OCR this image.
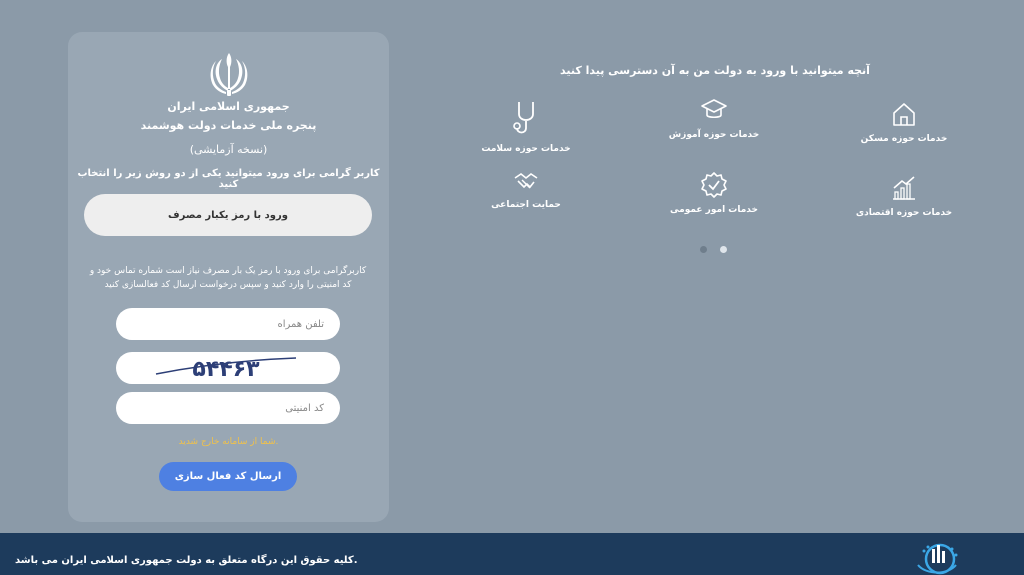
جمهوری اسلامی ایران
پنجره ملی خدمات دولت هوشمند
(نسخه آزمایشی)
کاربر گرامی برای ورود میتوانید یکی از دو روش زیر را انتخاب کنید
ورود با رمز یکبار مصرف
کاربرگرامی برای ورود با رمز یک بار مصرف نیاز است شماره تماس خود و کد امنیتی را وارد کنید و سپس درخواست ارسال کد فعالسازی کنید
تلفن همراه
۵۴۴۶۳
کد امنیتی
شما از سامانه خارج شدید.
ارسال کد فعال سازی
آنچه میتوانید با ورود به دولت من به آن دسترسی پیدا کنید
خدمات حوزه مسکن
خدمات حوزه آموزش
خدمات حوزه سلامت
خدمات حوزه اقتصادی
خدمات امور عمومی
حمایت اجتماعی
کلیه حقوق این درگاه متعلق به دولت جمهوری اسلامی ایران می باشد.
